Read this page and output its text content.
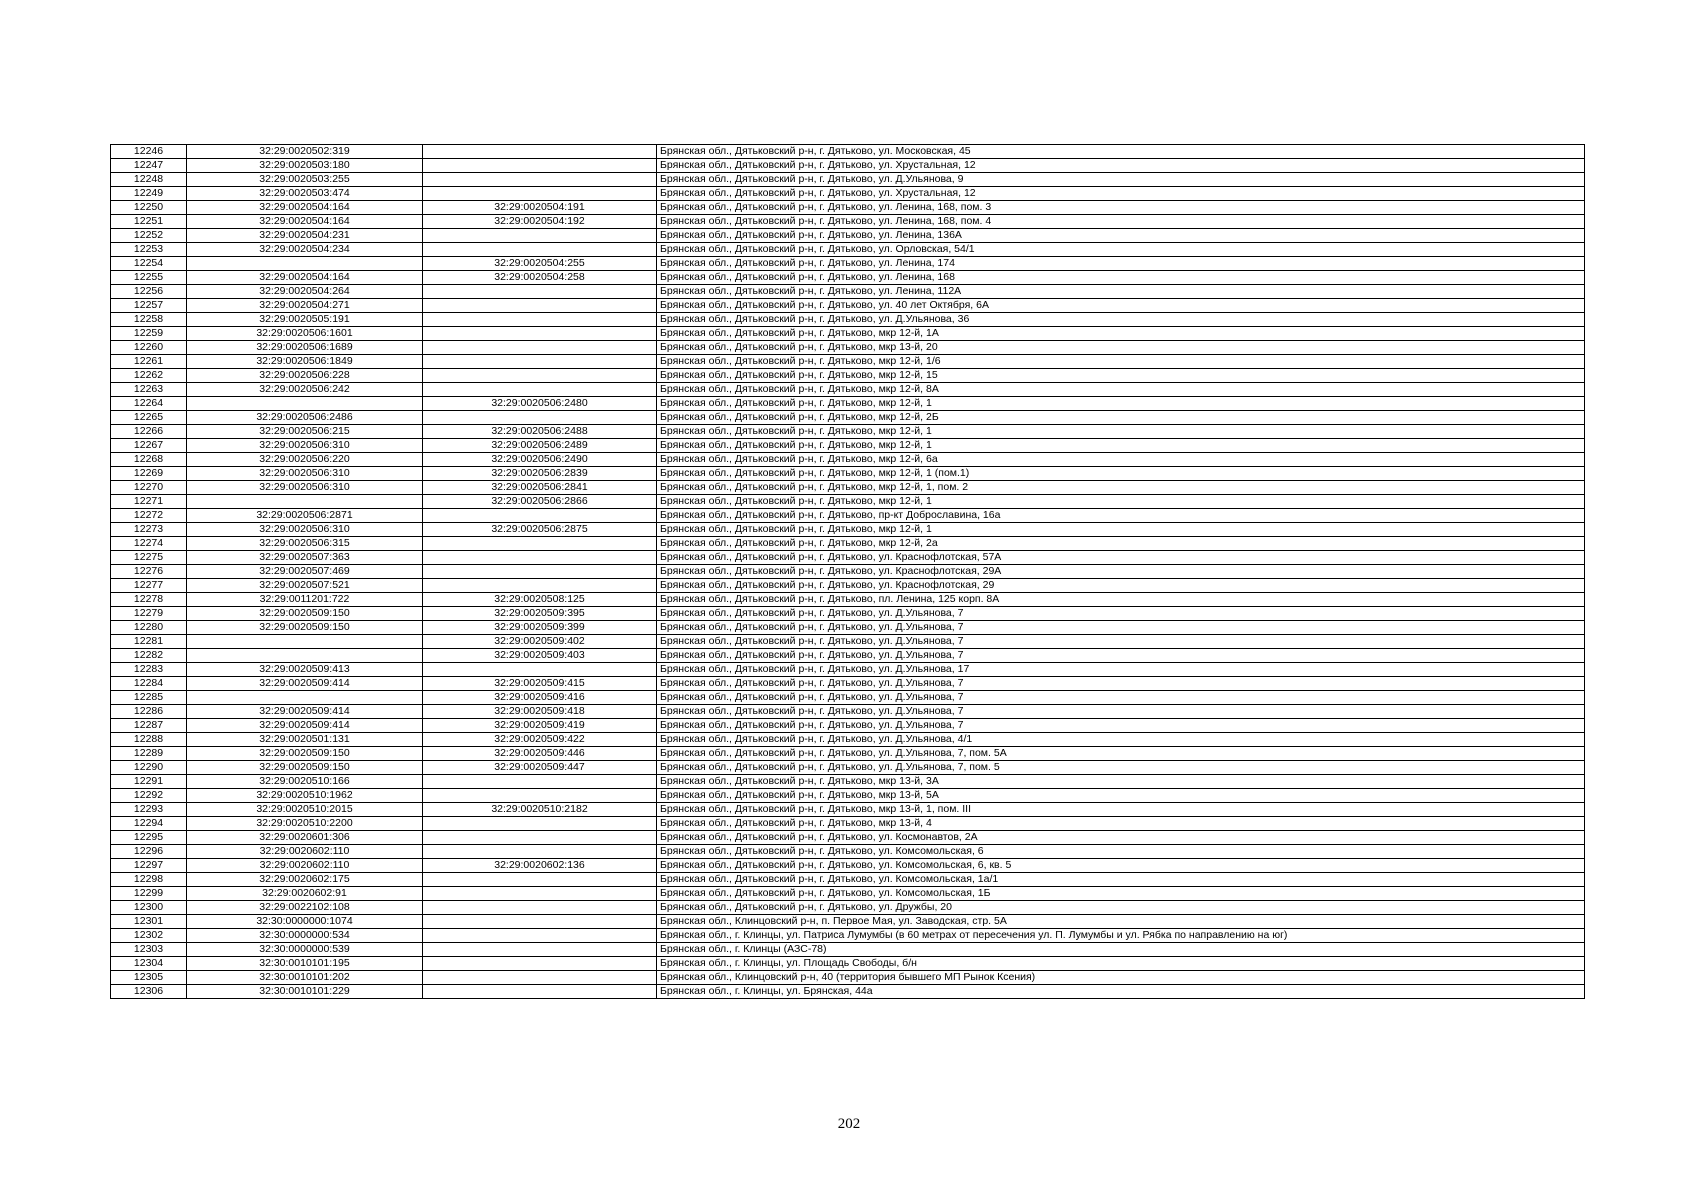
12246	32:29:0020502:319		Брянская обл., Дятьковский р-н, г. Дятьково, ул. Московская, 45
12247	32:29:0020503:180		Брянская обл., Дятьковский р-н, г. Дятьково, ул. Хрустальная, 12
12248	32:29:0020503:255		Брянская обл., Дятьковский р-н, г. Дятьково, ул. Д.Ульянова, 9
12249	32:29:0020503:474		Брянская обл., Дятьковский р-н, г. Дятьково, ул. Хрустальная, 12
12250	32:29:0020504:164	32:29:0020504:191	Брянская обл., Дятьковский р-н, г. Дятьково, ул. Ленина, 168, пом. 3
12251	32:29:0020504:164	32:29:0020504:192	Брянская обл., Дятьковский р-н, г. Дятьково, ул. Ленина, 168, пом. 4
12252	32:29:0020504:231		Брянская обл., Дятьковский р-н, г. Дятьково, ул. Ленина, 136А
12253	32:29:0020504:234		Брянская обл., Дятьковский р-н, г. Дятьково, ул. Орловская, 54/1
12254		32:29:0020504:255	Брянская обл., Дятьковский р-н, г. Дятьково, ул. Ленина, 174
12255	32:29:0020504:164	32:29:0020504:258	Брянская обл., Дятьковский р-н, г. Дятьково, ул. Ленина, 168
12256	32:29:0020504:264		Брянская обл., Дятьковский р-н, г. Дятьково, ул. Ленина, 112А
12257	32:29:0020504:271		Брянская обл., Дятьковский р-н, г. Дятьково, ул. 40 лет Октября, 6А
12258	32:29:0020505:191		Брянская обл., Дятьковский р-н, г. Дятьково, ул. Д.Ульянова, 36
12259	32:29:0020506:1601		Брянская обл., Дятьковский р-н, г. Дятьково, мкр 12-й, 1А
12260	32:29:0020506:1689		Брянская обл., Дятьковский р-н, г. Дятьково, мкр 13-й, 20
12261	32:29:0020506:1849		Брянская обл., Дятьковский р-н, г. Дятьково, мкр 12-й, 1/6
12262	32:29:0020506:228		Брянская обл., Дятьковский р-н, г. Дятьково, мкр 12-й, 15
12263	32:29:0020506:242		Брянская обл., Дятьковский р-н, г. Дятьково, мкр 12-й, 8А
12264		32:29:0020506:2480	Брянская обл., Дятьковский р-н, г. Дятьково, мкр 12-й, 1
12265	32:29:0020506:2486		Брянская обл., Дятьковский р-н, г. Дятьково, мкр 12-й, 2Б
12266	32:29:0020506:215	32:29:0020506:2488	Брянская обл., Дятьковский р-н, г. Дятьково, мкр 12-й, 1
12267	32:29:0020506:310	32:29:0020506:2489	Брянская обл., Дятьковский р-н, г. Дятьково, мкр 12-й, 1
12268	32:29:0020506:220	32:29:0020506:2490	Брянская обл., Дятьковский р-н, г. Дятьково, мкр 12-й, 6а
12269	32:29:0020506:310	32:29:0020506:2839	Брянская обл., Дятьковский р-н, г. Дятьково, мкр 12-й, 1 (пом.1)
12270	32:29:0020506:310	32:29:0020506:2841	Брянская обл., Дятьковский р-н, г. Дятьково, мкр 12-й, 1, пом. 2
12271		32:29:0020506:2866	Брянская обл., Дятьковский р-н, г. Дятьково, мкр 12-й, 1
12272	32:29:0020506:2871		Брянская обл., Дятьковский р-н, г. Дятьково, пр-кт Доброславина, 16а
12273	32:29:0020506:310	32:29:0020506:2875	Брянская обл., Дятьковский р-н, г. Дятьково, мкр 12-й, 1
12274	32:29:0020506:315		Брянская обл., Дятьковский р-н, г. Дятьково, мкр 12-й, 2а
12275	32:29:0020507:363		Брянская обл., Дятьковский р-н, г. Дятьково, ул. Краснофлотская, 57А
12276	32:29:0020507:469		Брянская обл., Дятьковский р-н, г. Дятьково, ул. Краснофлотская, 29А
12277	32:29:0020507:521		Брянская обл., Дятьковский р-н, г. Дятьково, ул. Краснофлотская, 29
12278	32:29:0011201:722	32:29:0020508:125	Брянская обл., Дятьковский р-н, г. Дятьково, пл. Ленина, 125 корп. 8А
12279	32:29:0020509:150	32:29:0020509:395	Брянская обл., Дятьковский р-н, г. Дятьково, ул. Д.Ульянова, 7
12280	32:29:0020509:150	32:29:0020509:399	Брянская обл., Дятьковский р-н, г. Дятьково, ул. Д.Ульянова, 7
12281		32:29:0020509:402	Брянская обл., Дятьковский р-н, г. Дятьково, ул. Д.Ульянова, 7
12282		32:29:0020509:403	Брянская обл., Дятьковский р-н, г. Дятьково, ул. Д.Ульянова, 7
12283	32:29:0020509:413		Брянская обл., Дятьковский р-н, г. Дятьково, ул. Д.Ульянова, 17
12284	32:29:0020509:414	32:29:0020509:415	Брянская обл., Дятьковский р-н, г. Дятьково, ул. Д.Ульянова, 7
12285		32:29:0020509:416	Брянская обл., Дятьковский р-н, г. Дятьково, ул. Д.Ульянова, 7
12286	32:29:0020509:414	32:29:0020509:418	Брянская обл., Дятьковский р-н, г. Дятьково, ул. Д.Ульянова, 7
12287	32:29:0020509:414	32:29:0020509:419	Брянская обл., Дятьковский р-н, г. Дятьково, ул. Д.Ульянова, 7
12288	32:29:0020501:131	32:29:0020509:422	Брянская обл., Дятьковский р-н, г. Дятьково, ул. Д.Ульянова, 4/1
12289	32:29:0020509:150	32:29:0020509:446	Брянская обл., Дятьковский р-н, г. Дятьково, ул. Д.Ульянова, 7, пом. 5А
12290	32:29:0020509:150	32:29:0020509:447	Брянская обл., Дятьковский р-н, г. Дятьково, ул. Д.Ульянова, 7, пом. 5
12291	32:29:0020510:166		Брянская обл., Дятьковский р-н, г. Дятьково, мкр 13-й, 3А
12292	32:29:0020510:1962		Брянская обл., Дятьковский р-н, г. Дятьково, мкр 13-й, 5А
12293	32:29:0020510:2015	32:29:0020510:2182	Брянская обл., Дятьковский р-н, г. Дятьково, мкр 13-й, 1, пом. III
12294	32:29:0020510:2200		Брянская обл., Дятьковский р-н, г. Дятьково, мкр 13-й, 4
12295	32:29:0020601:306		Брянская обл., Дятьковский р-н, г. Дятьково, ул. Космонавтов, 2А
12296	32:29:0020602:110		Брянская обл., Дятьковский р-н, г. Дятьково, ул. Комсомольская, 6
12297	32:29:0020602:110	32:29:0020602:136	Брянская обл., Дятьковский р-н, г. Дятьково, ул. Комсомольская, 6, кв. 5
12298	32:29:0020602:175		Брянская обл., Дятьковский р-н, г. Дятьково, ул. Комсомольская, 1а/1
12299	32:29:0020602:91		Брянская обл., Дятьковский р-н, г. Дятьково, ул. Комсомольская, 1Б
12300	32:29:0022102:108		Брянская обл., Дятьковский р-н, г. Дятьково, ул. Дружбы, 20
12301	32:30:0000000:1074		Брянская обл., Клинцовский р-н, п. Первое Мая, ул. Заводская, стр. 5А
12302	32:30:0000000:534		Брянская обл., г. Клинцы, ул. Патриса Лумумбы (в 60 метрах от пересечения ул. П. Лумумбы и ул. Рябка по направлению на юг)
12303	32:30:0000000:539		Брянская обл., г. Клинцы (АЗС-78)
12304	32:30:0010101:195		Брянская обл., г. Клинцы, ул. Площадь Свободы, б/н
12305	32:30:0010101:202		Брянская обл., Клинцовский р-н, 40 (территория бывшего МП Рынок Ксения)
12306	32:30:0010101:229		Брянская обл., г. Клинцы, ул. Брянская, 44а
202
